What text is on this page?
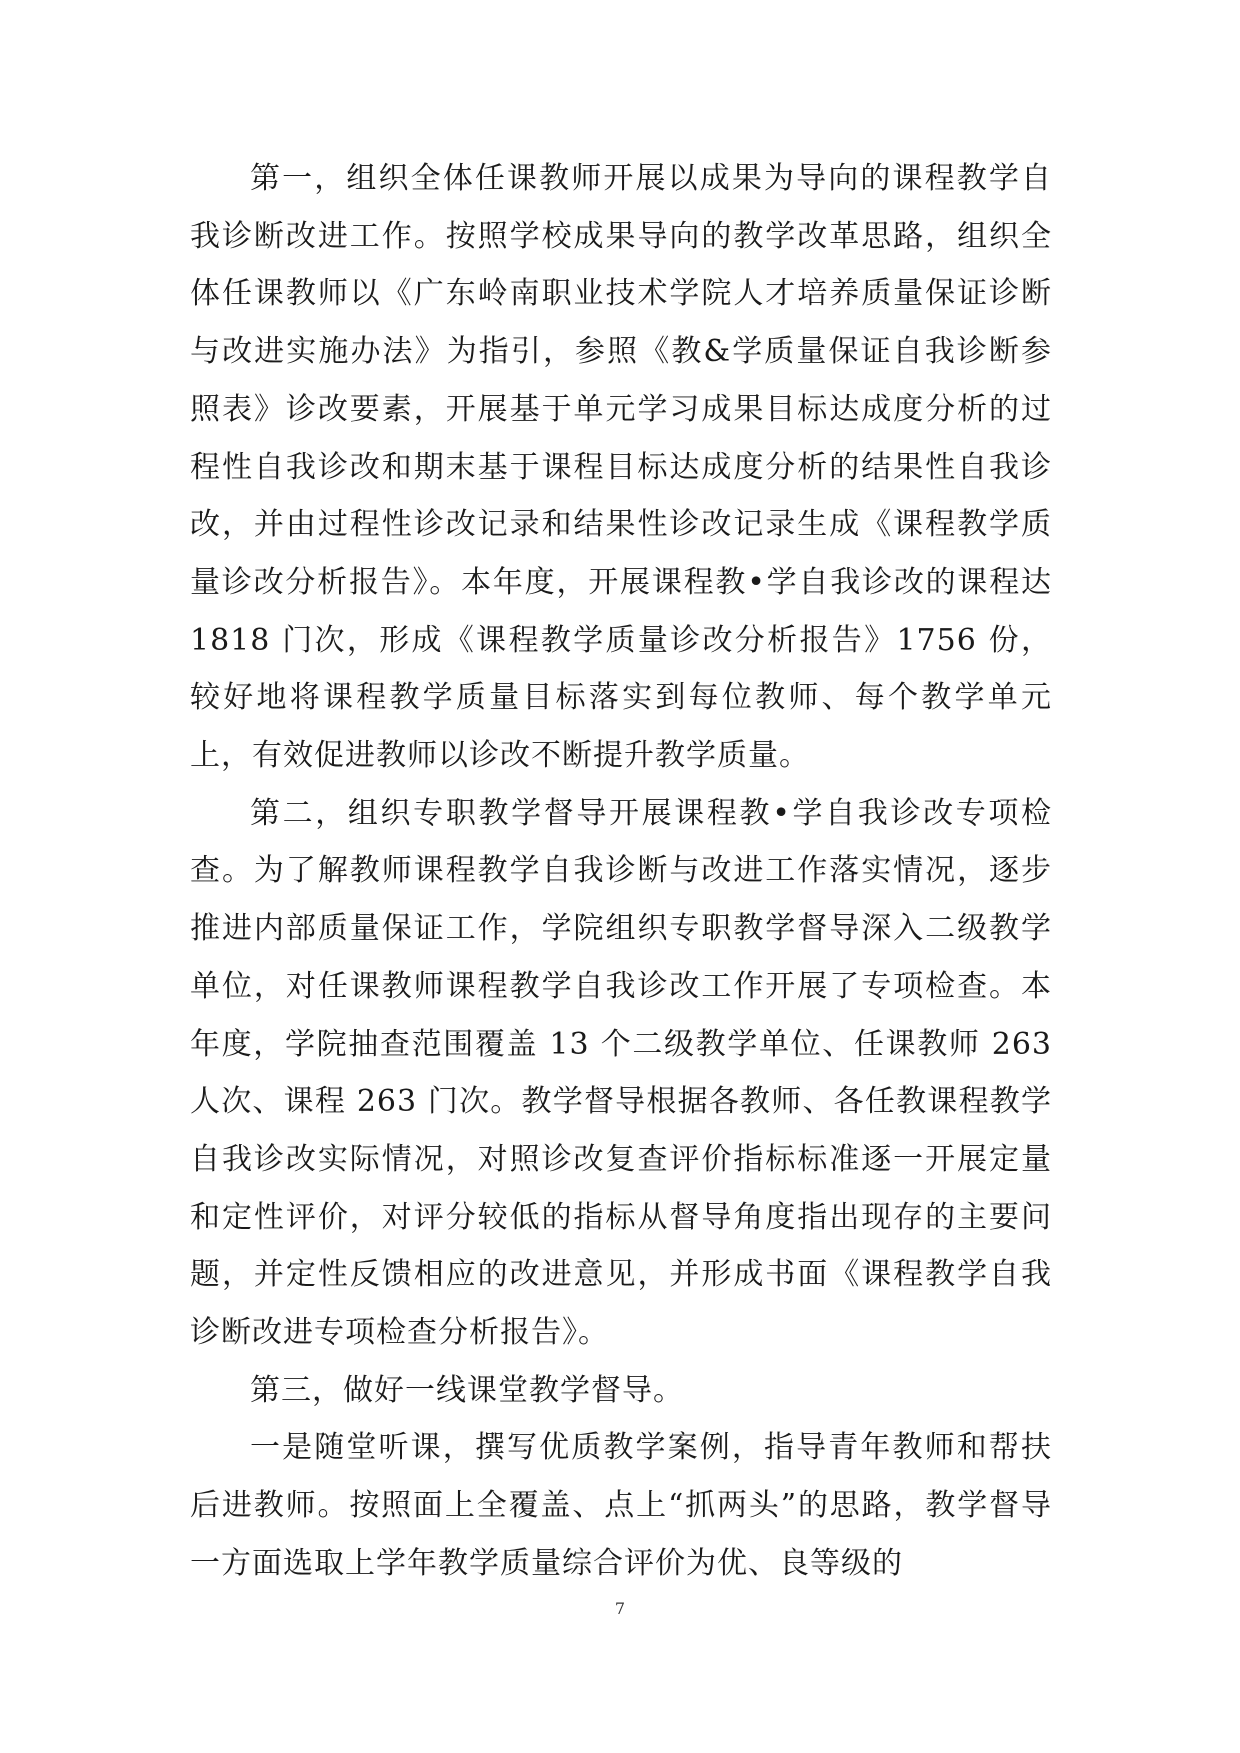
第一，组织全体任课教师开展以成果为导向的课程教学自我诊断改进工作。按照学校成果导向的教学改革思路，组织全体任课教师以《广东岭南职业技术学院人才培养质量保证诊断与改进实施办法》为指引，参照《教&学质量保证自我诊断参照表》诊改要素，开展基于单元学习成果目标达成度分析的过程性自我诊改和期末基于课程目标达成度分析的结果性自我诊改，并由过程性诊改记录和结果性诊改记录生成《课程教学质量诊改分析报告》。本年度，开展课程教•学自我诊改的课程达 1818 门次，形成《课程教学质量诊改分析报告》1756 份，较好地将课程教学质量目标落实到每位教师、每个教学单元上，有效促进教师以诊改不断提升教学质量。

第二，组织专职教学督导开展课程教•学自我诊改专项检查。为了解教师课程教学自我诊断与改进工作落实情况，逐步推进内部质量保证工作，学院组织专职教学督导深入二级教学单位，对任课教师课程教学自我诊改工作开展了专项检查。本年度，学院抽查范围覆盖 13 个二级教学单位、任课教师 263 人次、课程 263 门次。教学督导根据各教师、各任教课程教学自我诊改实际情况，对照诊改复查评价指标标准逐一开展定量和定性评价，对评分较低的指标从督导角度指出现存的主要问题，并定性反馈相应的改进意见，并形成书面《课程教学自我诊断改进专项检查分析报告》。

第三，做好一线课堂教学督导。

一是随堂听课，撰写优质教学案例，指导青年教师和帮扶后进教师。按照面上全覆盖、点上“抓两头”的思路，教学督导一方面选取上学年教学质量综合评价为优、良等级的

7
